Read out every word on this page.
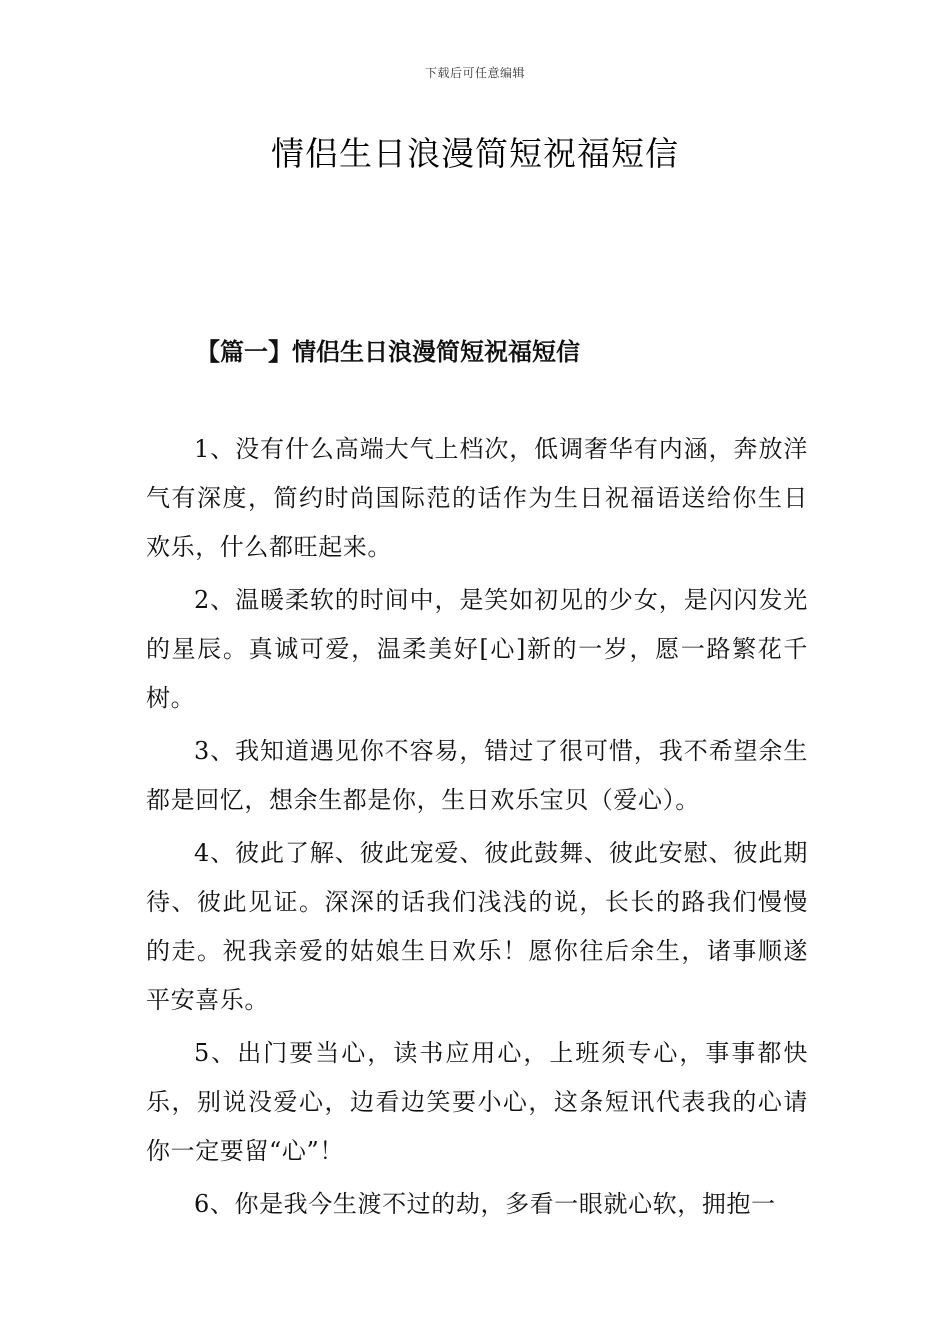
下载后可任意编辑
情侣生日浪漫简短祝福短信
【篇一】情侣生日浪漫简短祝福短信

1、没有什么高端大气上档次，低调奢华有内涵，奔放洋气有深度，简约时尚国际范的话作为生日祝福语送给你生日欢乐，什么都旺起来。

2、温暖柔软的时间中，是笑如初见的少女，是闪闪发光的星辰。真诚可爱，温柔美好[心]新的一岁，愿一路繁花千树。

3、我知道遇见你不容易，错过了很可惜，我不希望余生都是回忆，想余生都是你，生日欢乐宝贝（爱心）。

4、彼此了解、彼此宠爱、彼此鼓舞、彼此安慰、彼此期待、彼此见证。深深的话我们浅浅的说，长长的路我们慢慢的走。祝我亲爱的姑娘生日欢乐！愿你往后余生，诸事顺遂平安喜乐。

5、出门要当心，读书应用心，上班须专心，事事都快乐，别说没爱心，边看边笑要小心，这条短讯代表我的心请你一定要留“心”！

6、你是我今生渡不过的劫，多看一眼就心软，拥抱一
